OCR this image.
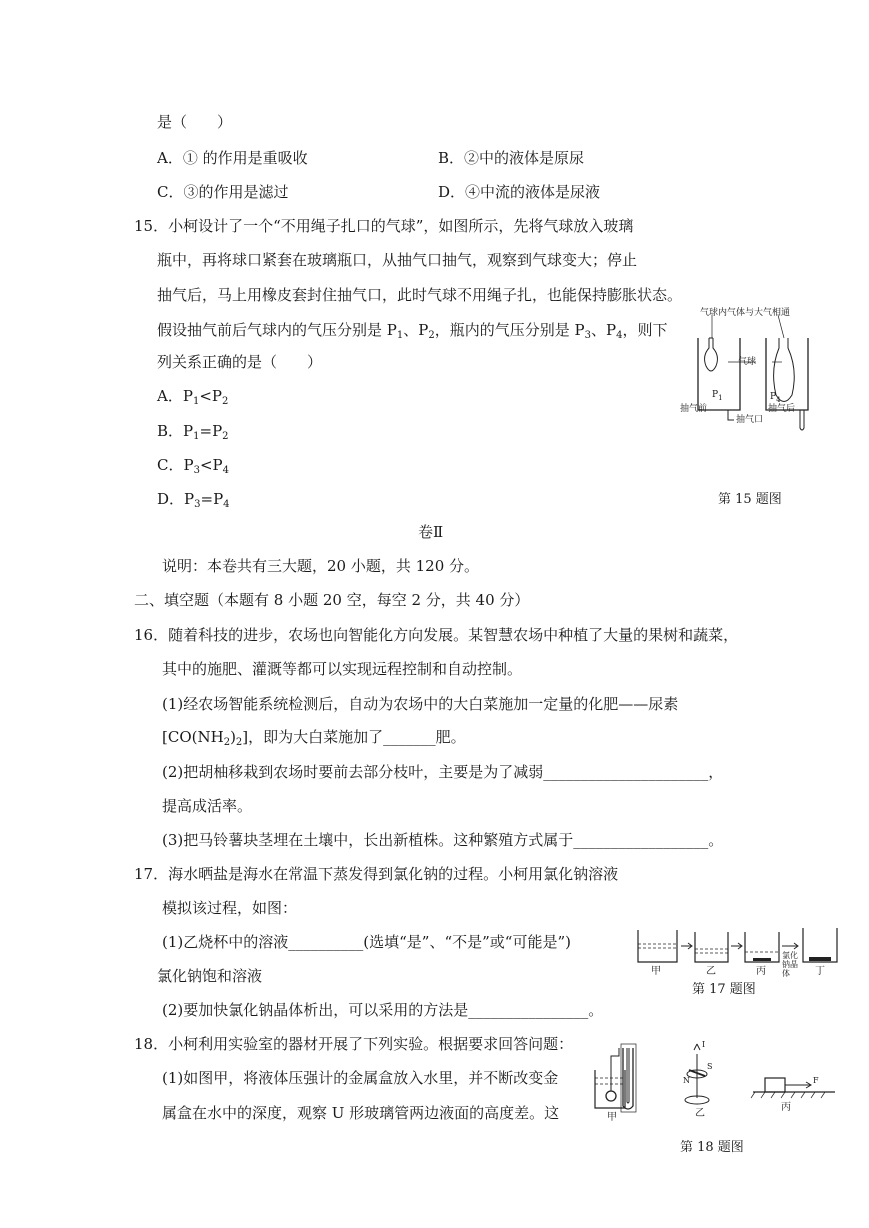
是（　　）
A．① 的作用是重吸收	B．②中的液体是原尿
C．③的作用是滤过	D．④中流的液体是尿液
15．小柯设计了一个“不用绳子扎口的气球”，如图所示，先将气球放入玻璃
瓶中，再将球口紧套在玻璃瓶口，从抽气口抽气，观察到气球变大；停止
抽气后，马上用橡皮套封住抽气口，此时气球不用绳子扎，也能保持膨胀状态。
假设抽气前后气球内的气压分别是 $P_1$、$P_2$，瓶内的气压分别是 $P_3$、$P_4$，则下
列关系正确的是（　　）
A．$P_1<P_2$
B．$P_1=P_2$
C．$P_3<P_4$
D．$P_3=P_4$
气球内气体与大气相通
气球
$P_1$	$P_4$
抽气前
抽气口
抽气后
第 15 题图
卷Ⅱ
说明：本卷共有三大题，20 小题，共 120 分。
二、填空题（本题有 8 小题 20 空，每空 2 分，共 40 分）
16．随着科技的进步，农场也向智能化方向发展。某智慧农场中种植了大量的果树和蔬菜，
其中的施肥、灌溉等都可以实现远程控制和自动控制。
(1)经农场智能系统检测后，自动为农场中的大白菜施加一定量的化肥——尿素
$[CO(NH_2)_2]$，即为大白菜施加了_______肥。
(2)把胡柚移栽到农场时要前去部分枝叶，主要是为了减弱______________________，
提高成活率。
(3)把马铃薯块茎埋在土壤中，长出新植株。这种繁殖方式属于__________________。
17．海水晒盐是海水在常温下蒸发得到氯化钠的过程。小柯用氯化钠溶液
模拟该过程，如图：
(1)乙烧杯中的溶液__________(选填“是”、“不是”或“可能是”)
氯化钠饱和溶液
(2)要加快氯化钠晶体析出，可以采用的方法是________________。
氯化钠晶体
甲	乙	丙	丁
第 17 题图
18．小柯利用实验室的器材开展了下列实验。根据要求回答问题：
(1)如图甲，将液体压强计的金属盒放入水里，并不断改变金
属盒在水中的深度，观察 U 形玻璃管两边液面的高度差。这
I
S
N	F
甲	乙
丙
第 18 题图
